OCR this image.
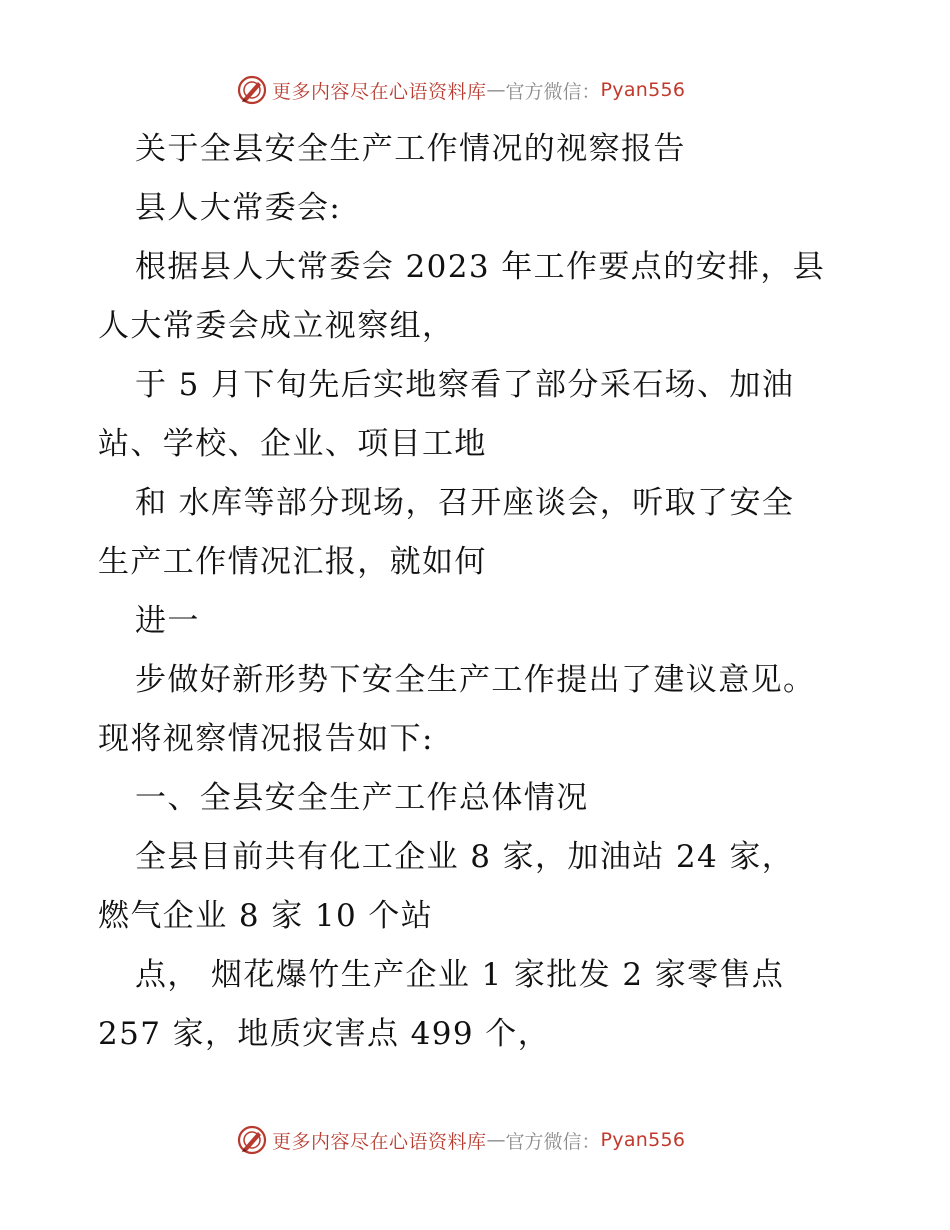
更多内容尽在心语资料库 — 官方微信： Pyan556
关于全县安全生产工作情况的视察报告
县人大常委会:
根据县人大常委会 2023 年工作要点的安排，县
人大常委会成立视察组，
于 5 月下旬先后实地察看了部分采石场、加油
站、学校、企业、项目工地
和 水库等部分现场，召开座谈会，听取了安全
生产工作情况汇报，就如何
进一
步做好新形势下安全生产工作提出了建议意见。
现将视察情况报告如下:
一、全县安全生产工作总体情况
全县目前共有化工企业 8 家，加油站 24 家，
燃气企业 8 家 10 个站
点， 烟花爆竹生产企业 1 家批发 2 家零售点
257 家，地质灾害点 499 个，
更多内容尽在心语资料库 — 官方微信： Pyan556
